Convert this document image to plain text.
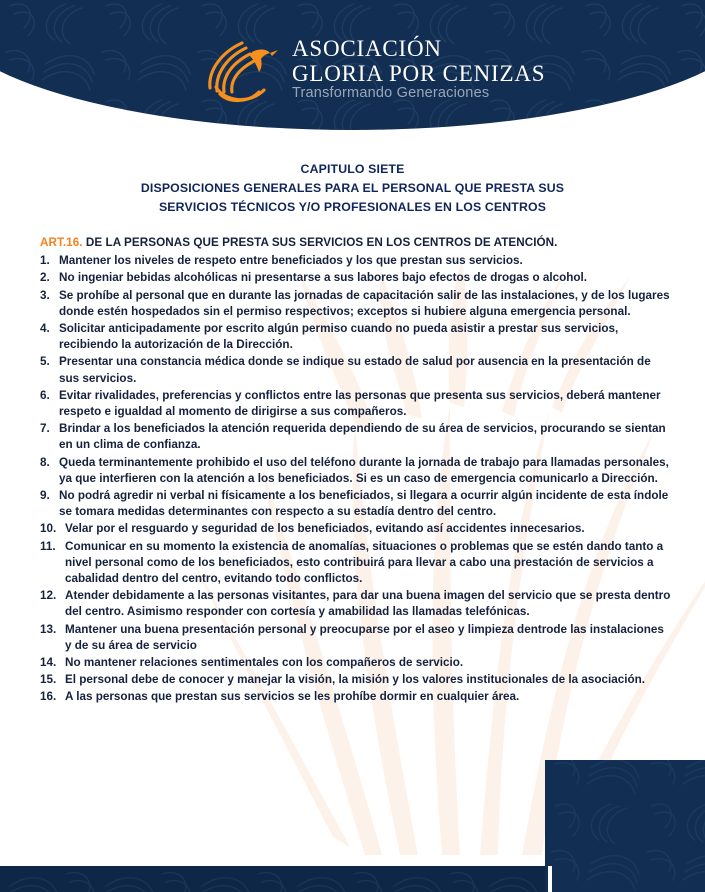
ASOCIACIÓN
GLORIA POR CENIZAS
Transformando Generaciones
CAPITULO SIETE
DISPOSICIONES GENERALES PARA EL PERSONAL QUE PRESTA SUS
SERVICIOS TÉCNICOS Y/O PROFESIONALES EN LOS CENTROS

ART.16. DE LA PERSONAS QUE PRESTA SUS SERVICIOS EN LOS CENTROS DE ATENCIÓN.

1. Mantener los niveles de respeto entre beneficiados y los que prestan sus servicios.
2. No ingeniar bebidas alcohólicas ni presentarse a sus labores bajo efectos de drogas o alcohol.
3. Se prohíbe al personal que en durante las jornadas de capacitación salir de las instalaciones, y de los lugares donde estén hospedados sin el permiso respectivos; exceptos si hubiere alguna emergencia personal.
4. Solicitar anticipadamente por escrito algún permiso cuando no pueda asistir a prestar sus servicios, recibiendo la autorización de la Dirección.
5. Presentar una constancia médica donde se indique su estado de salud por ausencia en la presentación de sus servicios.
6. Evitar rivalidades, preferencias y conflictos entre las personas que presenta sus servicios, deberá mantener respeto e igualdad al momento de dirigirse a sus compañeros.
7. Brindar a los beneficiados la atención requerida dependiendo de su área de servicios, procurando se sientan en un clima de confianza.
8. Queda terminantemente prohibido el uso del teléfono durante la jornada de trabajo para llamadas personales, ya que interfieren con la atención a los beneficiados. Si es un caso de emergencia comunicarlo a Dirección.
9. No podrá agredir ni verbal ni físicamente a los beneficiados, si llegara a ocurrir algún incidente de esta índole se tomara medidas determinantes con respecto a su estadía dentro del centro.
10. Velar por el resguardo y seguridad de los beneficiados, evitando así accidentes innecesarios.
11. Comunicar en su momento la existencia de anomalías, situaciones o problemas que se estén dando tanto a nivel personal como de los beneficiados, esto contribuirá para llevar a cabo una prestación de servicios a cabalidad dentro del centro, evitando todo conflictos.
12. Atender debidamente a las personas visitantes, para dar una buena imagen del servicio que se presta dentro del centro. Asimismo responder con cortesía y amabilidad las llamadas telefónicas.
13. Mantener una buena presentación personal y preocuparse por el aseo y limpieza dentrode las instalaciones y de su área de servicio
14. No mantener relaciones sentimentales con los compañeros de servicio.
15. El personal debe de conocer y manejar la visión, la misión y los valores institucionales de la asociación.
16. A las personas que prestan sus servicios se les prohíbe dormir en cualquier área.
